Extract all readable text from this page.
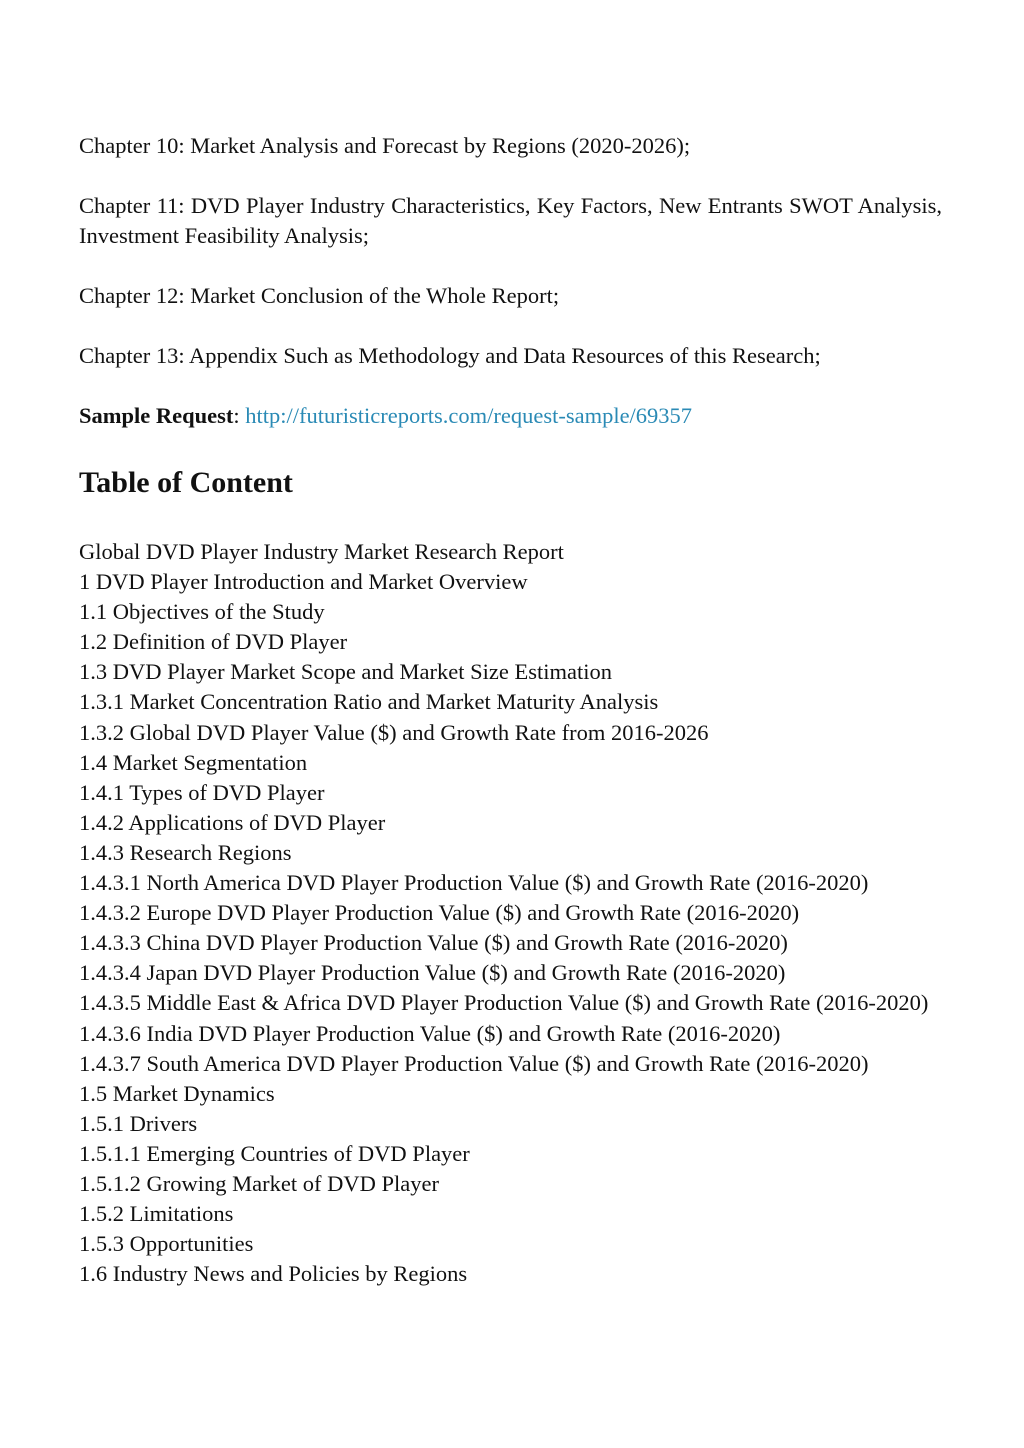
Chapter 10: Market Analysis and Forecast by Regions (2020-2026);

Chapter 11: DVD Player Industry Characteristics, Key Factors, New Entrants SWOT Analysis, Investment Feasibility Analysis;

Chapter 12: Market Conclusion of the Whole Report;

Chapter 13: Appendix Such as Methodology and Data Resources of this Research;

Sample Request: http://futuristicreports.com/request-sample/69357

Table of Content
Global DVD Player Industry Market Research Report
1 DVD Player Introduction and Market Overview
1.1 Objectives of the Study
1.2 Definition of DVD Player
1.3 DVD Player Market Scope and Market Size Estimation
1.3.1 Market Concentration Ratio and Market Maturity Analysis
1.3.2 Global DVD Player Value ($) and Growth Rate from 2016-2026
1.4 Market Segmentation
1.4.1 Types of DVD Player
1.4.2 Applications of DVD Player
1.4.3 Research Regions
1.4.3.1 North America DVD Player Production Value ($) and Growth Rate (2016-2020)
1.4.3.2 Europe DVD Player Production Value ($) and Growth Rate (2016-2020)
1.4.3.3 China DVD Player Production Value ($) and Growth Rate (2016-2020)
1.4.3.4 Japan DVD Player Production Value ($) and Growth Rate (2016-2020)
1.4.3.5 Middle East & Africa DVD Player Production Value ($) and Growth Rate (2016-2020)
1.4.3.6 India DVD Player Production Value ($) and Growth Rate (2016-2020)
1.4.3.7 South America DVD Player Production Value ($) and Growth Rate (2016-2020)
1.5 Market Dynamics
1.5.1 Drivers
1.5.1.1 Emerging Countries of DVD Player
1.5.1.2 Growing Market of DVD Player
1.5.2 Limitations
1.5.3 Opportunities
1.6 Industry News and Policies by Regions
